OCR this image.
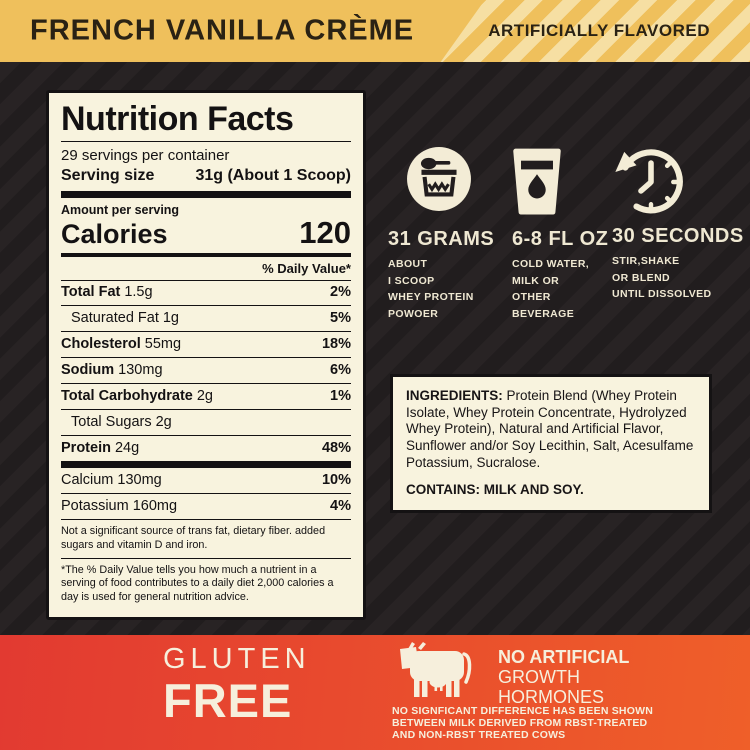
FRENCH VANILLA CRÈME	ARTIFICIALLY FLAVORED
Nutrition Facts
29 servings per container
Serving size	31g (About 1 Scoop)
Amount per serving
Calories	120
% Daily Value*
Total Fat 1.5g	2%
Saturated Fat 1g	5%
Cholesterol 55mg	18%
Sodium 130mg	6%
Total Carbohydrate 2g	1%
Total Sugars 2g
Protein 24g	48%
Calcium 130mg	10%
Potassium 160mg	4%
Not a significant source of trans fat, dietary fiber. added sugars and vitamin D and iron.
*The % Daily Value tells you how much a nutrient in a serving of food contributes to a daily diet 2,000 calories a day is used for general nutrition advice.
31 GRAMS
ABOUT
I SCOOP
WHEY PROTEIN
POWOER
6-8 FL OZ
COLD WATER,
MILK OR
OTHER
BEVERAGE
30 SECONDS
STIR,SHAKE
OR BLEND
UNTIL DISSOLVED
INGREDIENTS: Protein Blend (Whey Protein Isolate, Whey Protein Concentrate, Hydrolyzed Whey Protein), Natural and Artificial Flavor, Sunflower and/or Soy Lecithin, Salt, Acesulfame Potassium, Sucralose.
CONTAINS: MILK AND SOY.
GLUTEN
FREE
NO ARTIFICIAL
GROWTH
HORMONES
NO SIGNFICANT DIFFERENCE HAS BEEN SHOWN
BETWEEN MILK DERIVED FROM RBST-TREATED
AND NON-RBST TREATED COWS
